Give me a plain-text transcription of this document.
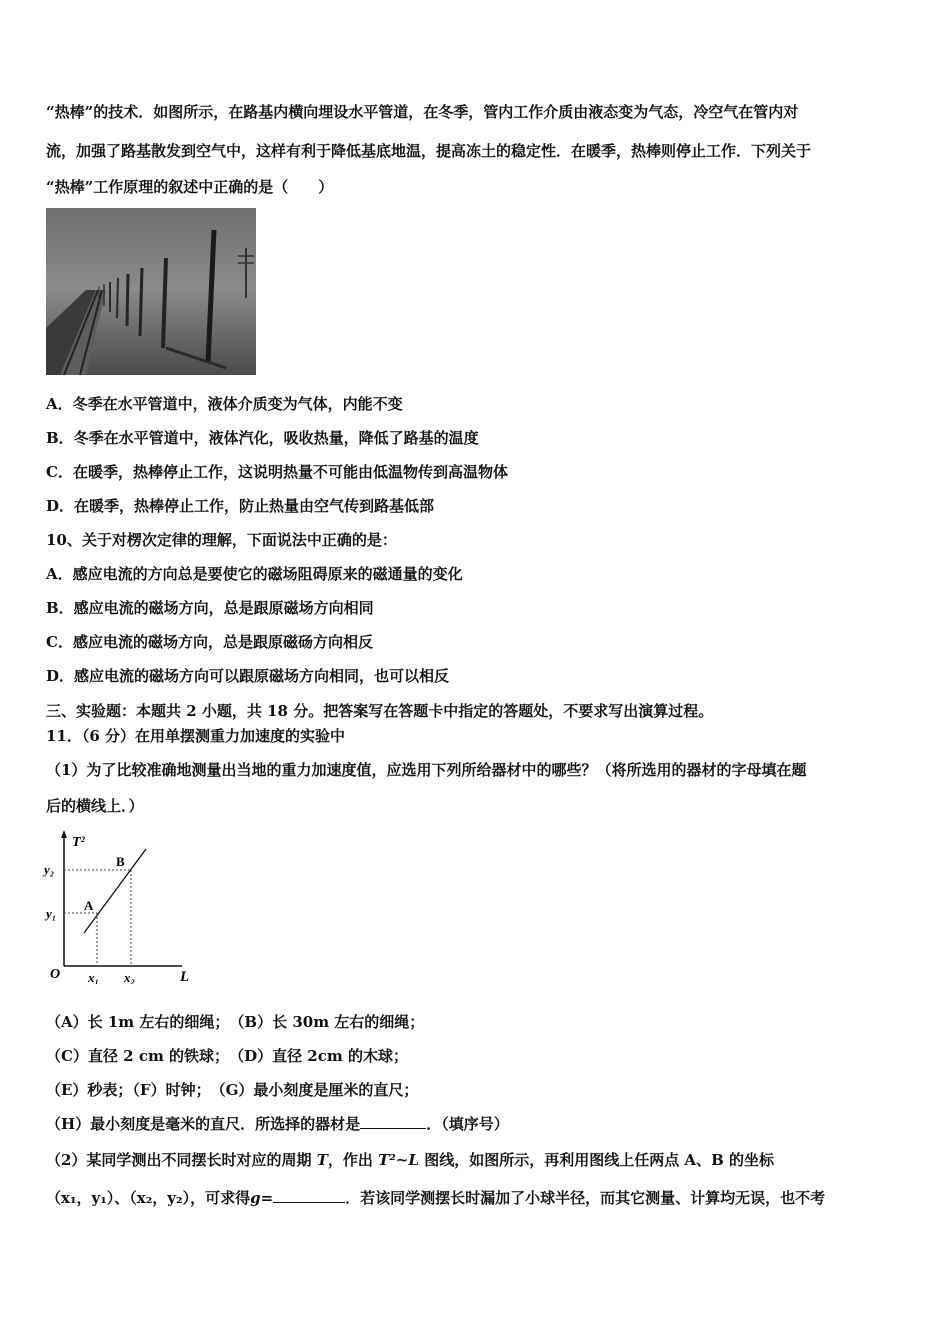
“热棒”的技术．如图所示，在路基内横向埋设水平管道，在冬季，管内工作介质由液态变为气态，冷空气在管内对
流，加强了路基散发到空气中，这样有利于降低基底地温，提高冻土的稳定性．在暖季，热棒则停止工作．下列关于
“热棒”工作原理的叙述中正确的是（　　）
A．冬季在水平管道中，液体介质变为气体，内能不变
B．冬季在水平管道中，液体汽化，吸收热量，降低了路基的温度
C．在暖季，热棒停止工作，这说明热量不可能由低温物传到高温物体
D．在暖季，热棒停止工作，防止热量由空气传到路基低部
10、关于对楞次定律的理解，下面说法中正确的是：
A．感应电流的方向总是要使它的磁场阻碍原来的磁通量的变化
B．感应电流的磁场方向，总是跟原磁场方向相同
C．感应电流的磁场方向，总是跟原磁砀方向相反
D．感应电流的磁场方向可以跟原磁场方向相同，也可以相反
三、实验题：本题共 2 小题，共 18 分。把答案写在答题卡中指定的答题处，不要求写出演算过程。
11．（6 分）在用单摆测重力加速度的实验中
（1）为了比较准确地测量出当地的重力加速度值，应选用下列所给器材中的哪些？（将所选用的器材的字母填在题
后的横线上．）
T²
y₂
y₁
B
A
O x₁ x₂	L
（A）长 1m 左右的细绳；　 （B）长 30m 左右的细绳；
（C）直径 2 cm 的铁球；　 （D）直径 2cm 的木球；
（E）秒表；（F）时钟；　 （G）最小刻度是厘米的直尺；
（H）最小刻度是毫米的直尺．所选择的器材是	．（填序号）
（2）某同学测出不同摆长时对应的周期 T，作出 T²~L 图线，如图所示，再利用图线上任两点 A、B 的坐标
（x₁，y₁）、（x₂，y₂），可求得g=	．若该同学测摆长时漏加了小球半径，而其它测量、计算均无误，也不考
